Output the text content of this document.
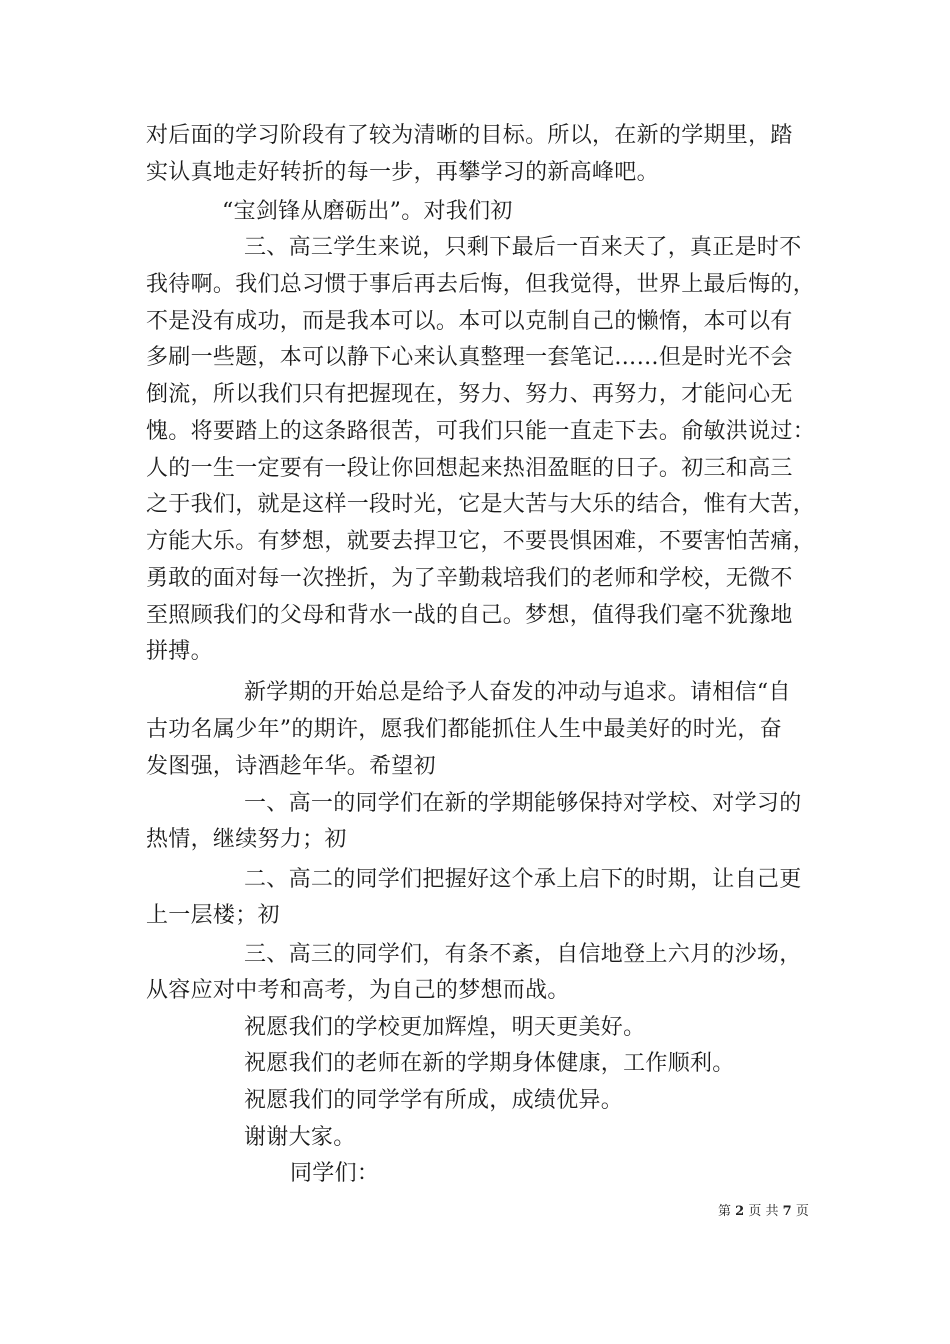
对后面的学习阶段有了较为清晰的目标。所以，在新的学期里，踏
实认真地走好转折的每一步，再攀学习的新高峰吧。
“宝剑锋从磨砺出”。对我们初
三、高三学生来说，只剩下最后一百来天了，真正是时不
我待啊。我们总习惯于事后再去后悔，但我觉得，世界上最后悔的，
不是没有成功，而是我本可以。本可以克制自己的懒惰，本可以有
多刷一些题，本可以静下心来认真整理一套笔记……但是时光不会
倒流，所以我们只有把握现在，努力、努力、再努力，才能问心无
愧。将要踏上的这条路很苦，可我们只能一直走下去。俞敏洪说过：
人的一生一定要有一段让你回想起来热泪盈眶的日子。初三和高三
之于我们，就是这样一段时光，它是大苦与大乐的结合，惟有大苦，
方能大乐。有梦想，就要去捍卫它，不要畏惧困难，不要害怕苦痛，
勇敢的面对每一次挫折，为了辛勤栽培我们的老师和学校，无微不
至照顾我们的父母和背水一战的自己。梦想，值得我们毫不犹豫地
拼搏。
新学期的开始总是给予人奋发的冲动与追求。请相信“自
古功名属少年”的期许，愿我们都能抓住人生中最美好的时光，奋
发图强，诗酒趁年华。希望初
一、高一的同学们在新的学期能够保持对学校、对学习的
热情，继续努力；初
二、高二的同学们把握好这个承上启下的时期，让自己更
上一层楼；初
三、高三的同学们，有条不紊，自信地登上六月的沙场，
从容应对中考和高考，为自己的梦想而战。
祝愿我们的学校更加辉煌，明天更美好。
祝愿我们的老师在新的学期身体健康，工作顺利。
祝愿我们的同学学有所成，成绩优异。
谢谢大家。
同学们：
第 2 页 共 7 页
